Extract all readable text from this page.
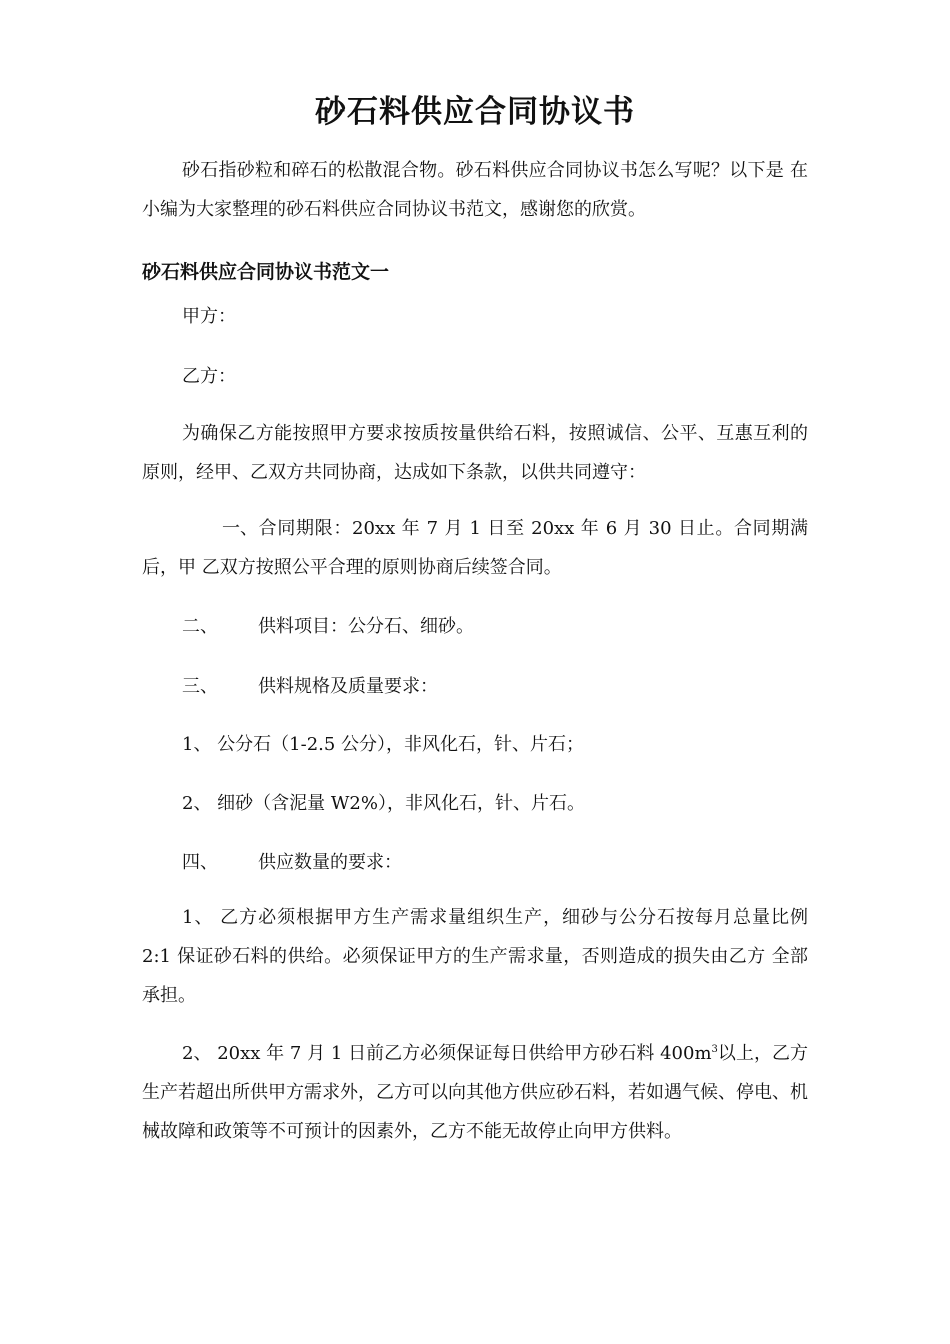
砂石料供应合同协议书

砂石指砂粒和碎石的松散混合物。砂石料供应合同协议书怎么写呢？以下是 在小编为大家整理的砂石料供应合同协议书范文，感谢您的欣赏。

砂石料供应合同协议书范文一
甲方：
乙方：

为确保乙方能按照甲方要求按质按量供给石料，按照诚信、公平、互惠互利的原则，经甲、乙双方共同协商，达成如下条款，以供共同遵守：

一、合同期限：20xx 年 7 月 1 日至 20xx 年 6 月 30 日止。合同期满后，甲 乙双方按照公平合理的原则协商后续签合同。

二、 供料项目：公分石、细砂。
三、 供料规格及质量要求：
1、 公分石（1-2.5 公分），非风化石，针、片石；
2、 细砂（含泥量 W2%），非风化石，针、片石。
四、 供应数量的要求：

1、 乙方必须根据甲方生产需求量组织生产，细砂与公分石按每月总量比例 2:1 保证砂石料的供给。必须保证甲方的生产需求量，否则造成的损失由乙方 全部承担。

2、 20xx 年 7 月 1 日前乙方必须保证每日供给甲方砂石料 $400m^3$以上，乙方生产若超出所供甲方需求外，乙方可以向其他方供应砂石料，若如遇气候、停电、机械故障和政策等不可预计的因素外，乙方不能无故停止向甲方供料。
